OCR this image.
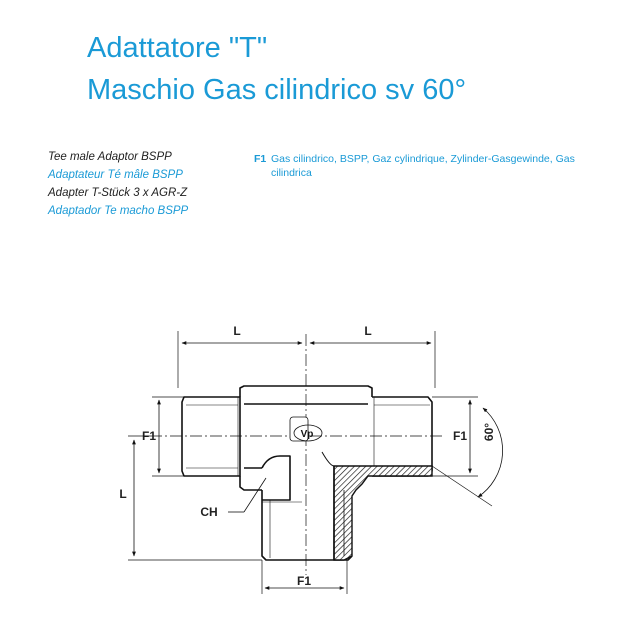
Adattatore "T"
Maschio Gas cilindrico sv 60°
Tee male Adaptor BSPP
Adaptateur Té mâle BSPP
Adapter T-Stück 3 x AGR-Z
Adaptador Te macho BSPP
F1 Gas cilindrico, BSPP, Gaz cylindrique, Zylinder-Gasgewinde, Gas cilindrica
L	L
Vp
F1	F1 60°
L
F1
CH
